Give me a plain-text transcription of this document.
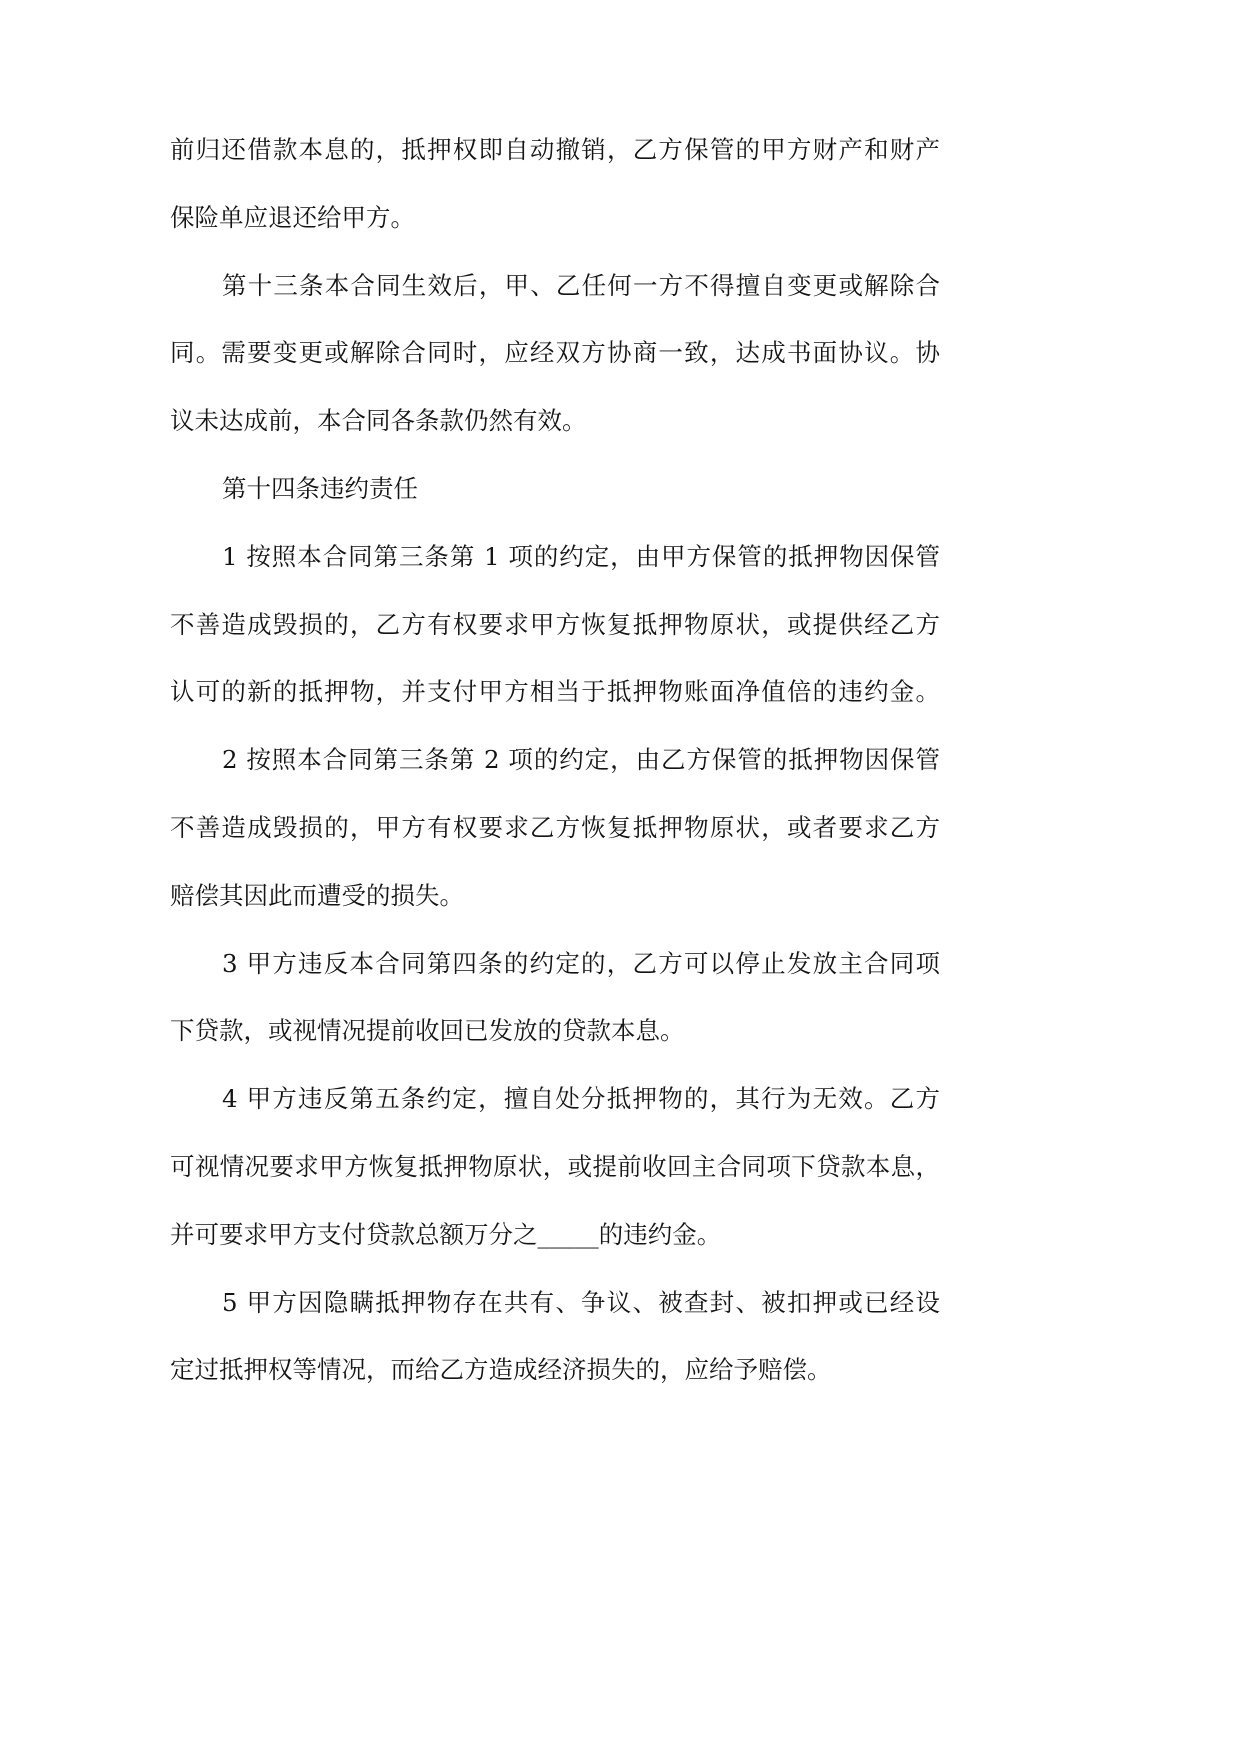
前归还借款本息的，抵押权即自动撤销，乙方保管的甲方财产和财产
保险单应退还给甲方。
第十三条本合同生效后，甲、乙任何一方不得擅自变更或解除合
同。需要变更或解除合同时，应经双方协商一致，达成书面协议。协
议未达成前，本合同各条款仍然有效。
第十四条违约责任
1 按照本合同第三条第 1 项的约定，由甲方保管的抵押物因保管
不善造成毁损的，乙方有权要求甲方恢复抵押物原状，或提供经乙方
认可的新的抵押物，并支付甲方相当于抵押物账面净值倍的违约金。
2 按照本合同第三条第 2 项的约定，由乙方保管的抵押物因保管
不善造成毁损的，甲方有权要求乙方恢复抵押物原状，或者要求乙方
赔偿其因此而遭受的损失。
3 甲方违反本合同第四条的约定的，乙方可以停止发放主合同项
下贷款，或视情况提前收回已发放的贷款本息。
4 甲方违反第五条约定，擅自处分抵押物的，其行为无效。乙方
可视情况要求甲方恢复抵押物原状，或提前收回主合同项下贷款本息，
并可要求甲方支付贷款总额万分之_____的违约金。
5 甲方因隐瞒抵押物存在共有、争议、被查封、被扣押或已经设
定过抵押权等情况，而给乙方造成经济损失的，应给予赔偿。
